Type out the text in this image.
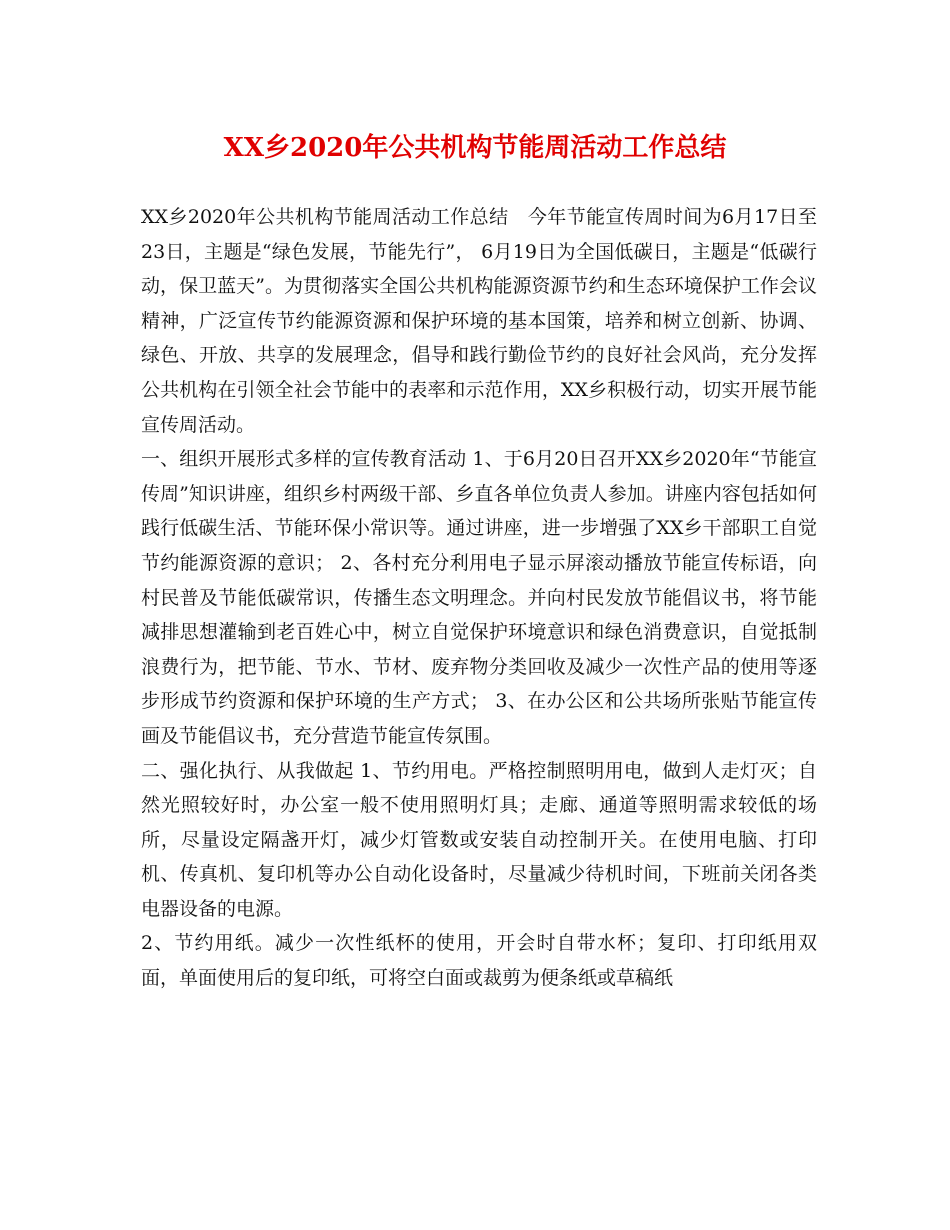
XX乡2020年公共机构节能周活动工作总结

XX乡2020年公共机构节能周活动工作总结　今年节能宣传周时间为6月17日至23日，主题是“绿色发展，节能先行”， 6月19日为全国低碳日，主题是“低碳行动，保卫蓝天”。为贯彻落实全国公共机构能源资源节约和生态环境保护工作会议精神，广泛宣传节约能源资源和保护环境的基本国策，培养和树立创新、协调、绿色、开放、共享的发展理念，倡导和践行勤俭节约的良好社会风尚，充分发挥公共机构在引领全社会节能中的表率和示范作用，XX乡积极行动，切实开展节能宣传周活动。

一、组织开展形式多样的宣传教育活动 1、于6月20日召开XX乡2020年“节能宣传周”知识讲座，组织乡村两级干部、乡直各单位负责人参加。讲座内容包括如何践行低碳生活、节能环保小常识等。通过讲座，进一步增强了XX乡干部职工自觉节约能源资源的意识； 2、各村充分利用电子显示屏滚动播放节能宣传标语，向村民普及节能低碳常识，传播生态文明理念。并向村民发放节能倡议书，将节能减排思想灌输到老百姓心中，树立自觉保护环境意识和绿色消费意识，自觉抵制浪费行为，把节能、节水、节材、废弃物分类回收及减少一次性产品的使用等逐步形成节约资源和保护环境的生产方式； 3、在办公区和公共场所张贴节能宣传画及节能倡议书，充分营造节能宣传氛围。

二、强化执行、从我做起 1、节约用电。严格控制照明用电，做到人走灯灭；自然光照较好时，办公室一般不使用照明灯具；走廊、通道等照明需求较低的场所，尽量设定隔盏开灯，减少灯管数或安装自动控制开关。在使用电脑、打印机、传真机、复印机等办公自动化设备时，尽量减少待机时间，下班前关闭各类电器设备的电源。

2、节约用纸。减少一次性纸杯的使用，开会时自带水杯；复印、打印纸用双面，单面使用后的复印纸，可将空白面或裁剪为便条纸或草稿纸
